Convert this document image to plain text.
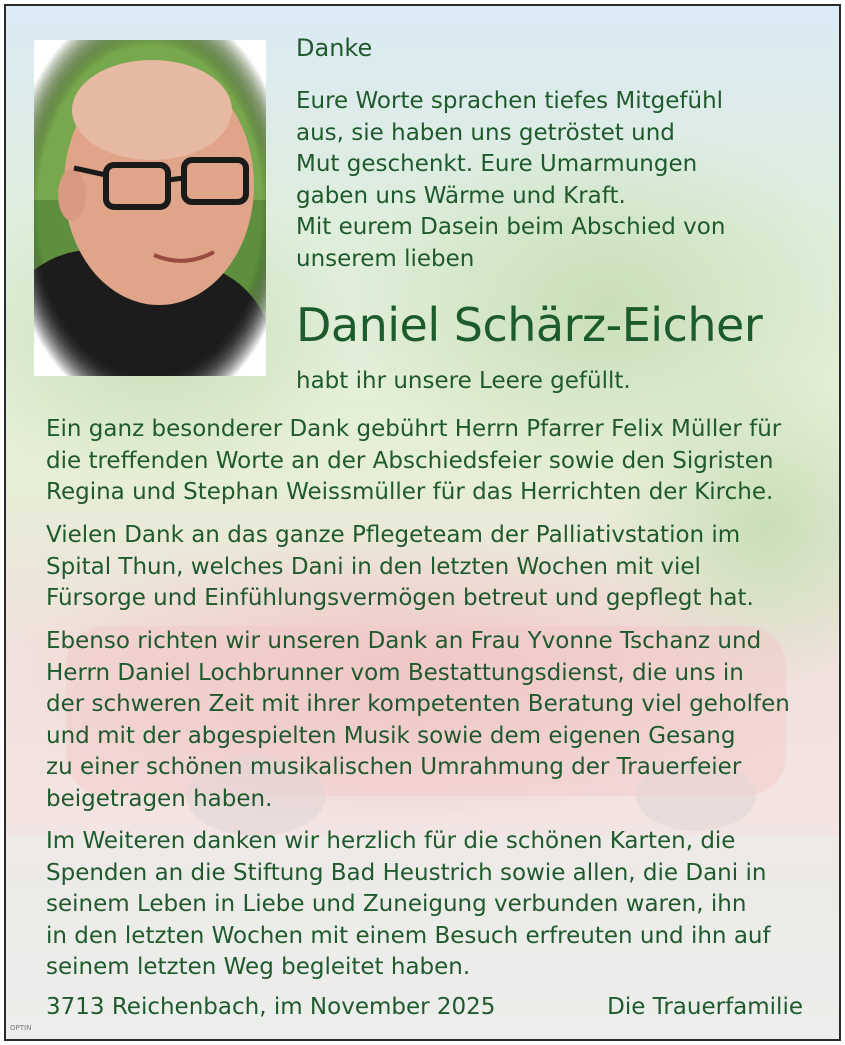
Danke

Eure Worte sprachen tiefes Mitgefühl

aus, sie haben uns getröstet und

Mut geschenkt. Eure Umarmungen

gaben uns Wärme und Kraft.

Mit eurem Dasein beim Abschied von

unserem lieben

Daniel Schärz-Eicher
habt ihr unsere Leere gefüllt.

Ein ganz besonderer Dank gebührt Herrn Pfarrer Felix Müller für

die treffenden Worte an der Abschiedsfeier sowie den Sigristen

Regina und Stephan Weissmüller für das Herrichten der Kirche.

Vielen Dank an das ganze Pflegeteam der Palliativstation im

Spital Thun, welches Dani in den letzten Wochen mit viel

Fürsorge und Einfühlungsvermögen betreut und gepflegt hat.

Ebenso richten wir unseren Dank an Frau Yvonne Tschanz und

Herrn Daniel Lochbrunner vom Bestattungsdienst, die uns in

der schweren Zeit mit ihrer kompetenten Beratung viel geholfen

und mit der abgespielten Musik sowie dem eigenen Gesang

zu einer schönen musikalischen Umrahmung der Trauerfeier

beigetragen haben.

Im Weiteren danken wir herzlich für die schönen Karten, die

Spenden an die Stiftung Bad Heustrich sowie allen, die Dani in

seinem Leben in Liebe und Zuneigung verbunden waren, ihn

in den letzten Wochen mit einem Besuch erfreuten und ihn auf

seinem letzten Weg begleitet haben.

3713 Reichenbach, im November 2025	Die Trauerfamilie
OPTIN
